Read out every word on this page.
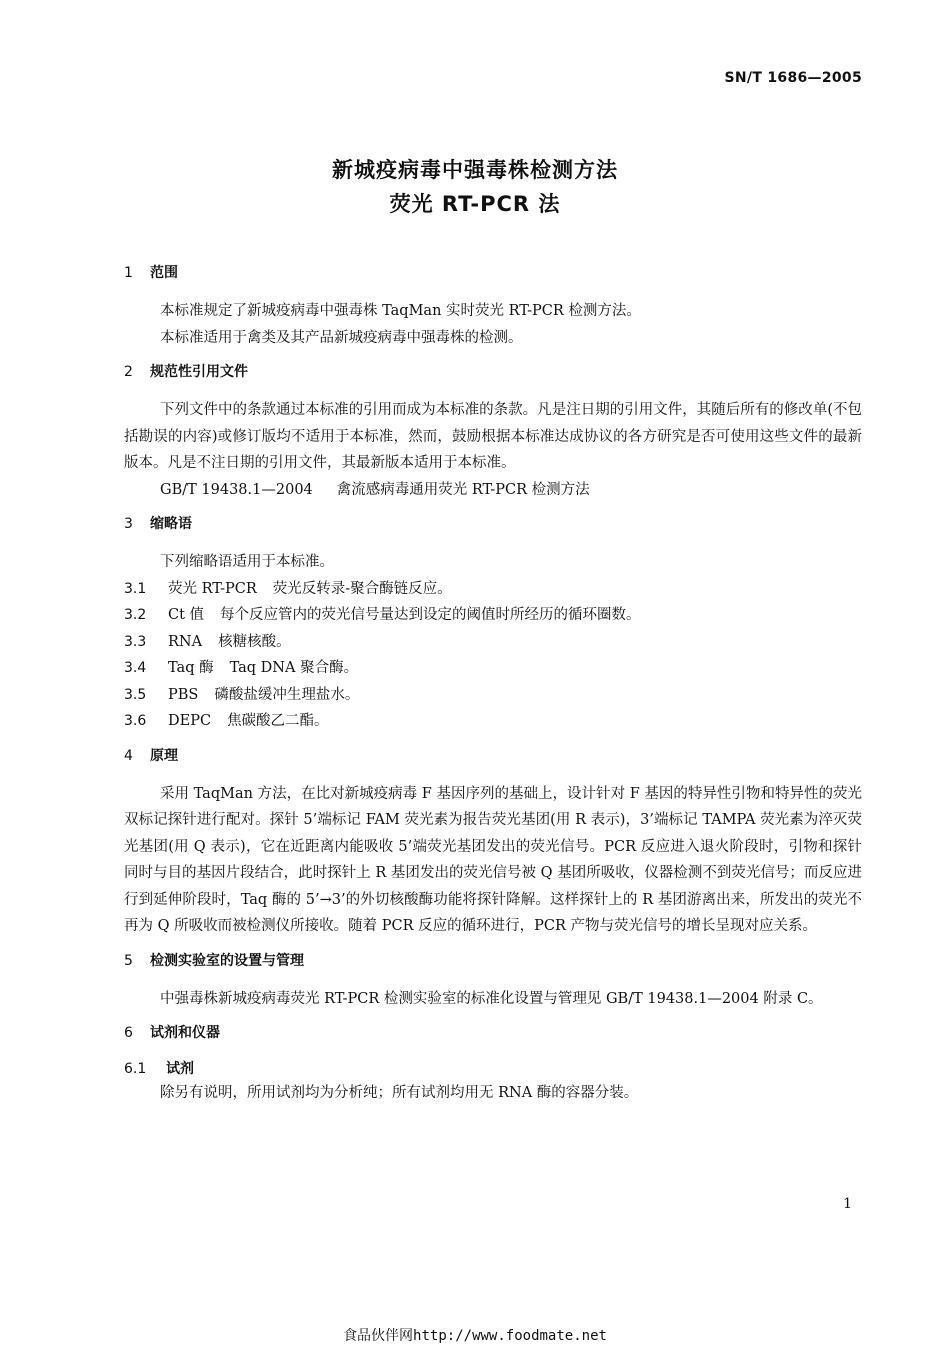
SN/T 1686—2005
新城疫病毒中强毒株检测方法
荧光 RT-PCR 法
1 范围

本标准规定了新城疫病毒中强毒株 TaqMan 实时荧光 RT-PCR 检测方法。

本标准适用于禽类及其产品新城疫病毒中强毒株的检测。

2 规范性引用文件

下列文件中的条款通过本标准的引用而成为本标准的条款。凡是注日期的引用文件，其随后所有的修改单(不包括勘误的内容)或修订版均不适用于本标准，然而，鼓励根据本标准达成协议的各方研究是否可使用这些文件的最新版本。凡是不注日期的引用文件，其最新版本适用于本标准。

GB/T 19438.1—2004 禽流感病毒通用荧光 RT-PCR 检测方法

3 缩略语

下列缩略语适用于本标准。

3.1 荧光 RT-PCR 荧光反转录-聚合酶链反应。
3.2 Ct 值 每个反应管内的荧光信号量达到设定的阈值时所经历的循环圈数。
3.3 RNA 核糖核酸。
3.4 Taq 酶 Taq DNA 聚合酶。
3.5 PBS 磷酸盐缓冲生理盐水。
3.6 DEPC 焦碳酸乙二酯。
4 原理

采用 TaqMan 方法，在比对新城疫病毒 F 基因序列的基础上，设计针对 F 基因的特异性引物和特异性的荧光双标记探针进行配对。探针 5’端标记 FAM 荧光素为报告荧光基团(用 R 表示)，3’端标记 TAMPA 荧光素为淬灭荧光基团(用 Q 表示)，它在近距离内能吸收 5’端荧光基团发出的荧光信号。PCR 反应进入退火阶段时，引物和探针同时与目的基因片段结合，此时探针上 R 基团发出的荧光信号被 Q 基团所吸收，仪器检测不到荧光信号；而反应进行到延伸阶段时，Taq 酶的 5’→3’的外切核酸酶功能将探针降解。这样探针上的 R 基团游离出来，所发出的荧光不再为 Q 所吸收而被检测仪所接收。随着 PCR 反应的循环进行，PCR 产物与荧光信号的增长呈现对应关系。

5 检测实验室的设置与管理

中强毒株新城疫病毒荧光 RT-PCR 检测实验室的标准化设置与管理见 GB/T 19438.1—2004 附录 C。

6 试剂和仪器
6.1 试剂

除另有说明，所用试剂均为分析纯；所有试剂均用无 RNA 酶的容器分装。

1
食品伙伴网http://www.foodmate.net
